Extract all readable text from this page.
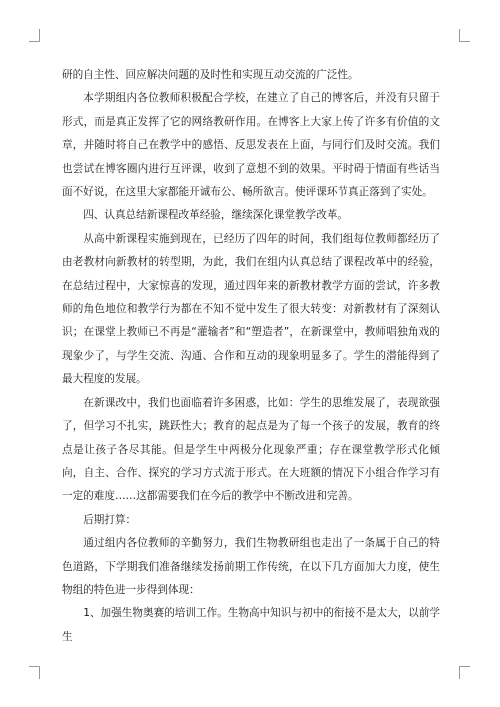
研的自主性、回应解决问题的及时性和实现互动交流的广泛性。

本学期组内各位教师积极配合学校，在建立了自己的博客后，并没有只留于形式，而是真正发挥了它的网络教研作用。在博客上大家上传了许多有价值的文章，并随时将自己在教学中的感悟、反思发表在上面，与同行们及时交流。我们也尝试在博客圈内进行互评课，收到了意想不到的效果。平时碍于情面有些话当面不好说，在这里大家都能开诚布公、畅所欲言。使评课环节真正落到了实处。

四、认真总结新课程改革经验，继续深化课堂教学改革。

从高中新课程实施到现在，已经历了四年的时间，我们组每位教师都经历了由老教材向新教材的转型期，为此，我们在组内认真总结了课程改革中的经验，在总结过程中，大家惊喜的发现，通过四年来的新教材教学方面的尝试，许多教师的角色地位和教学行为都在不知不觉中发生了很大转变：对新教材有了深刻认识；在课堂上教师已不再是“灌输者”和“塑造者”，在新课堂中，教师唱独角戏的现象少了，与学生交流、沟通、合作和互动的现象明显多了。学生的潜能得到了最大程度的发展。

在新课改中，我们也面临着许多困惑，比如：学生的思维发展了，表现欲强了，但学习不扎实，跳跃性大；教育的起点是为了每一个孩子的发展，教育的终点是让孩子各尽其能。但是学生中两极分化现象严重；存在课堂教学形式化倾向，自主、合作、探究的学习方式流于形式。在大班额的情况下小组合作学习有一定的难度……这都需要我们在今后的教学中不断改进和完善。

后期打算：

通过组内各位教师的辛勤努力，我们生物教研组也走出了一条属于自己的特色道路，下学期我们准备继续发扬前期工作传统，在以下几方面加大力度，使生物组的特色进一步得到体现：

1、加强生物奥赛的培训工作。生物高中知识与初中的衔接不是太大，以前学生
